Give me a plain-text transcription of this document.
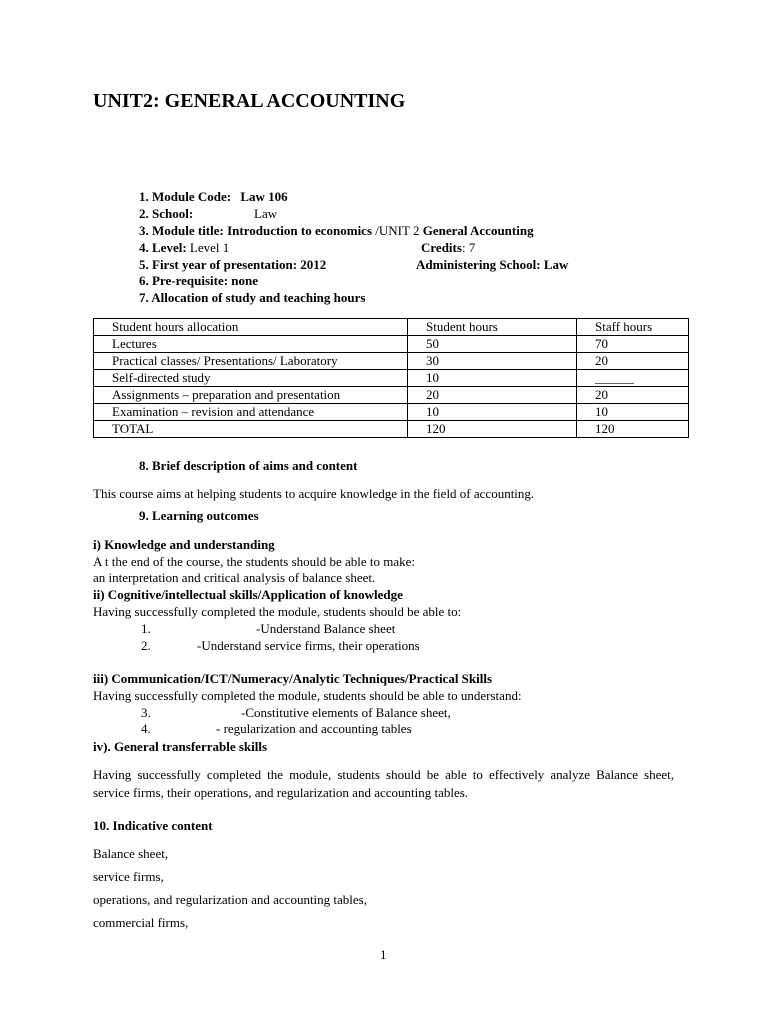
UNIT2: GENERAL ACCOUNTING
1. Module Code: Law 106
2. School:	Law
3. Module title: Introduction to economics /UNIT 2 General Accounting
4. Level: Level 1	Credits: 7
5. First year of presentation: 2012	Administering School: Law
6. Pre-requisite: none
7. Allocation of study and teaching hours
Student hours allocation	Student hours	Staff hours
Lectures	50	70
Practical classes/ Presentations/ Laboratory	30	20
Self-directed study	10	______
Assignments – preparation and presentation	20	20
Examination – revision and attendance	10	10
TOTAL	120	120
8. Brief description of aims and content
This course aims at helping students to acquire knowledge in the field of accounting.
9. Learning outcomes
i) Knowledge and understanding
A t the end of the course, the students should be able to make:
an interpretation and critical analysis of balance sheet.
ii) Cognitive/intellectual skills/Application of knowledge
Having successfully completed the module, students should be able to:
1.	-Understand Balance sheet
2.	-Understand service firms, their operations
iii) Communication/ICT/Numeracy/Analytic Techniques/Practical Skills
Having successfully completed the module, students should be able to understand:
3.	-Constitutive elements of Balance sheet,
4.	- regularization and accounting tables
iv). General transferrable skills
Having successfully completed the module, students should be able to effectively analyze Balance sheet, service firms, their operations, and regularization and accounting tables.
10. Indicative content
Balance sheet,
service firms,
operations, and regularization and accounting tables,
commercial firms,
1
